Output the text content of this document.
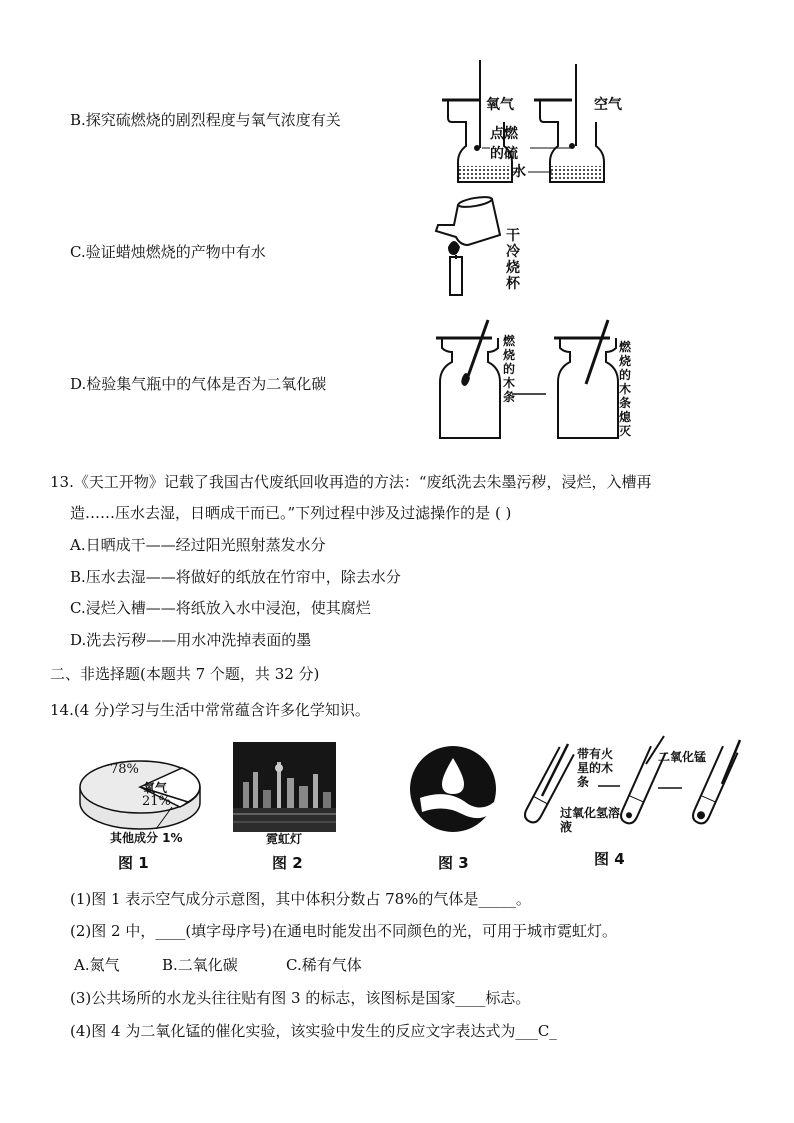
B.探究硫燃烧的剧烈程度与氧气浓度有关
氧气	空气
点燃的硫
水
C.验证蜡烛燃烧的产物中有水
干冷烧杯
D.检验集气瓶中的气体是否为二氧化碳
燃烧的木条
燃烧的木条熄灭
13.《天工开物》记载了我国古代废纸回收再造的方法：“废纸洗去朱墨污秽，浸烂，入槽再
造……压水去湿，日晒成干而已。”下列过程中涉及过滤操作的是 ( )
A.日晒成干——经过阳光照射蒸发水分
B.压水去湿——将做好的纸放在竹帘中，除去水分
C.浸烂入槽——将纸放入水中浸泡，使其腐烂
D.洗去污秽——用水冲洗掉表面的墨
二、非选择题(本题共 7 个题，共 32 分)
14.(4 分)学习与生活中常常蕴含许多化学知识。
78%
氧气
21%
其他成分 1%
图 1
霓虹灯
图 2	图 3
带有火星的木条
二氧化锰
过氧化氢溶液
图 4
(1)图 1 表示空气成分示意图，其中体积分数占 78%的气体是_____。
(2)图 2 中，____(填字母序号)在通电时能发出不同颜色的光，可用于城市霓虹灯。
A.氮气	B.二氧化碳	C.稀有气体
(3)公共场所的水龙头往往贴有图 3 的标志，该图标是国家____标志。
(4)图 4 为二氧化锰的催化实验，该实验中发生的反应文字表达式为___C_
